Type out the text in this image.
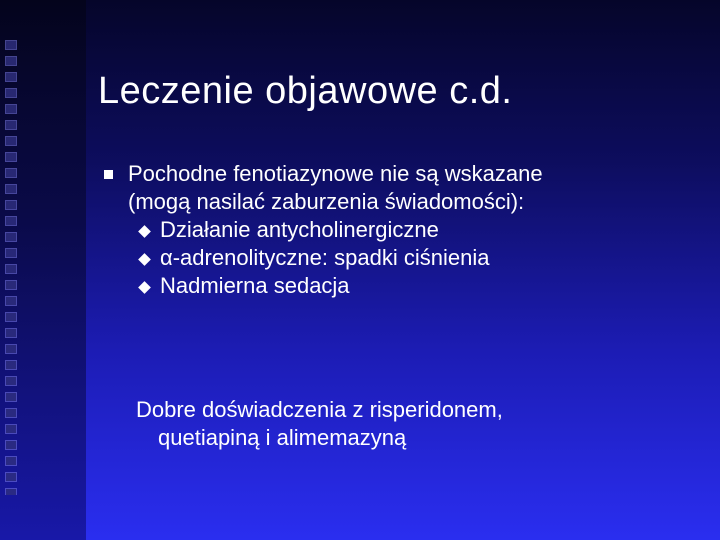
Leczenie objawowe c.d.
Pochodne fenotiazynowe nie są wskazane
(mogą nasilać zaburzenia świadomości):
Działanie antycholinergiczne
α-adrenolityczne: spadki ciśnienia
Nadmierna sedacja
Dobre doświadczenia z risperidonem,
quetiapiną i alimemazyną
